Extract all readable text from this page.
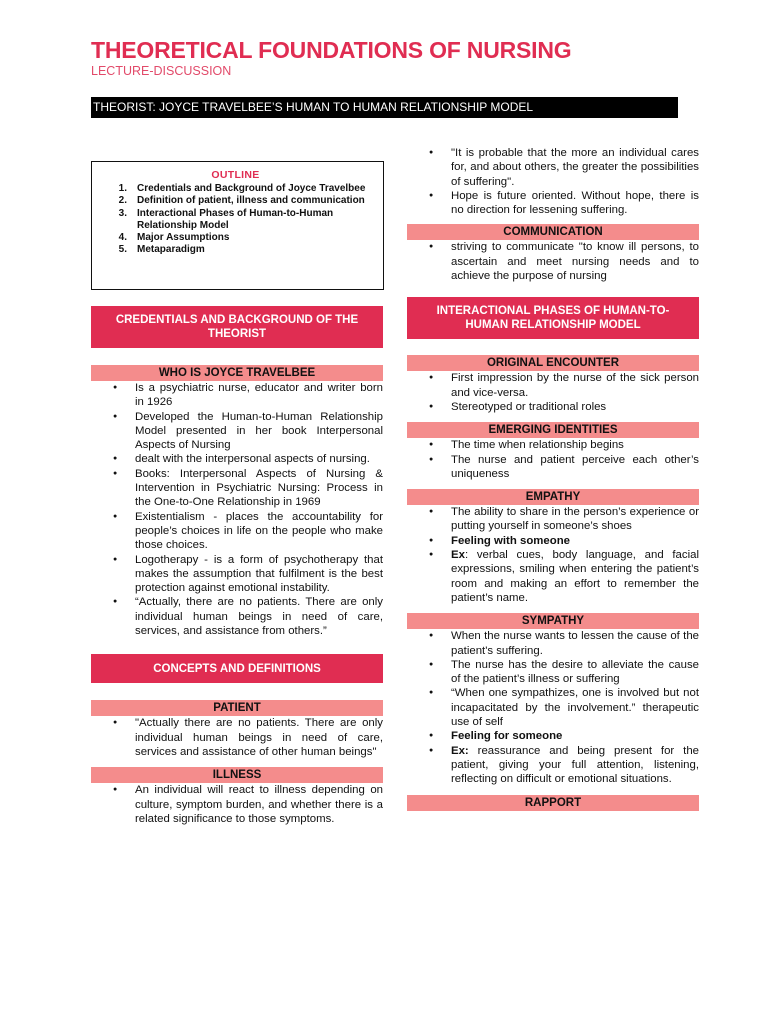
THEORETICAL FOUNDATIONS OF NURSING
LECTURE-DISCUSSION
THEORIST: JOYCE TRAVELBEE’S HUMAN TO HUMAN RELATIONSHIP MODEL
OUTLINE
1.	Credentials and Background of Joyce Travelbee
2.	Definition of patient, illness and communication
3.	Interactional Phases of Human-to-Human Relationship Model
4.	Major Assumptions
5.	Metaparadigm
CREDENTIALS AND BACKGROUND OF THE THEORIST
WHO IS JOYCE TRAVELBEE
● Is a psychiatric nurse, educator and writer born in 1926
● Developed the Human-to-Human Relationship Model presented in her book Interpersonal Aspects of Nursing
● dealt with the interpersonal aspects of nursing.
● Books: Interpersonal Aspects of Nursing & Intervention in Psychiatric Nursing: Process in the One-to-One Relationship in 1969
● Existentialism - places the accountability for people’s choices in life on the people who make those choices.
● Logotherapy - is a form of psychotherapy that makes the assumption that fulfilment is the best protection against emotional instability.
● “Actually, there are no patients. There are only individual human beings in need of care, services, and assistance from others.”
CONCEPTS AND DEFINITIONS
PATIENT
● "Actually there are no patients. There are only individual human beings in need of care, services and assistance of other human beings"
ILLNESS
● An individual will react to illness depending on culture, symptom burden, and whether there is a related significance to those symptoms.
● "It is probable that the more an individual cares for, and about others, the greater the possibilities of suffering".
● Hope is future oriented. Without hope, there is no direction for lessening suffering.
COMMUNICATION
● striving to communicate "to know ill persons, to ascertain and meet nursing needs and to achieve the purpose of nursing
INTERACTIONAL PHASES OF HUMAN-TO-HUMAN RELATIONSHIP MODEL
ORIGINAL ENCOUNTER
● First impression by the nurse of the sick person and vice-versa.
● Stereotyped or traditional roles
EMERGING IDENTITIES
● The time when relationship begins
● The nurse and patient perceive each other’s uniqueness
EMPATHY
● The ability to share in the person’s experience or putting yourself in someone’s shoes
● Feeling with someone
● Ex: verbal cues, body language, and facial expressions, smiling when entering the patient’s room and making an effort to remember the patient’s name.
SYMPATHY
● When the nurse wants to lessen the cause of the patient's suffering.
● The nurse has the desire to alleviate the cause of the patient’s illness or suffering
● “When one sympathizes, one is involved but not incapacitated by the involvement.” therapeutic use of self
● Feeling for someone
● Ex: reassurance and being present for the patient, giving your full attention, listening, reflecting on difficult or emotional situations.
RAPPORT
